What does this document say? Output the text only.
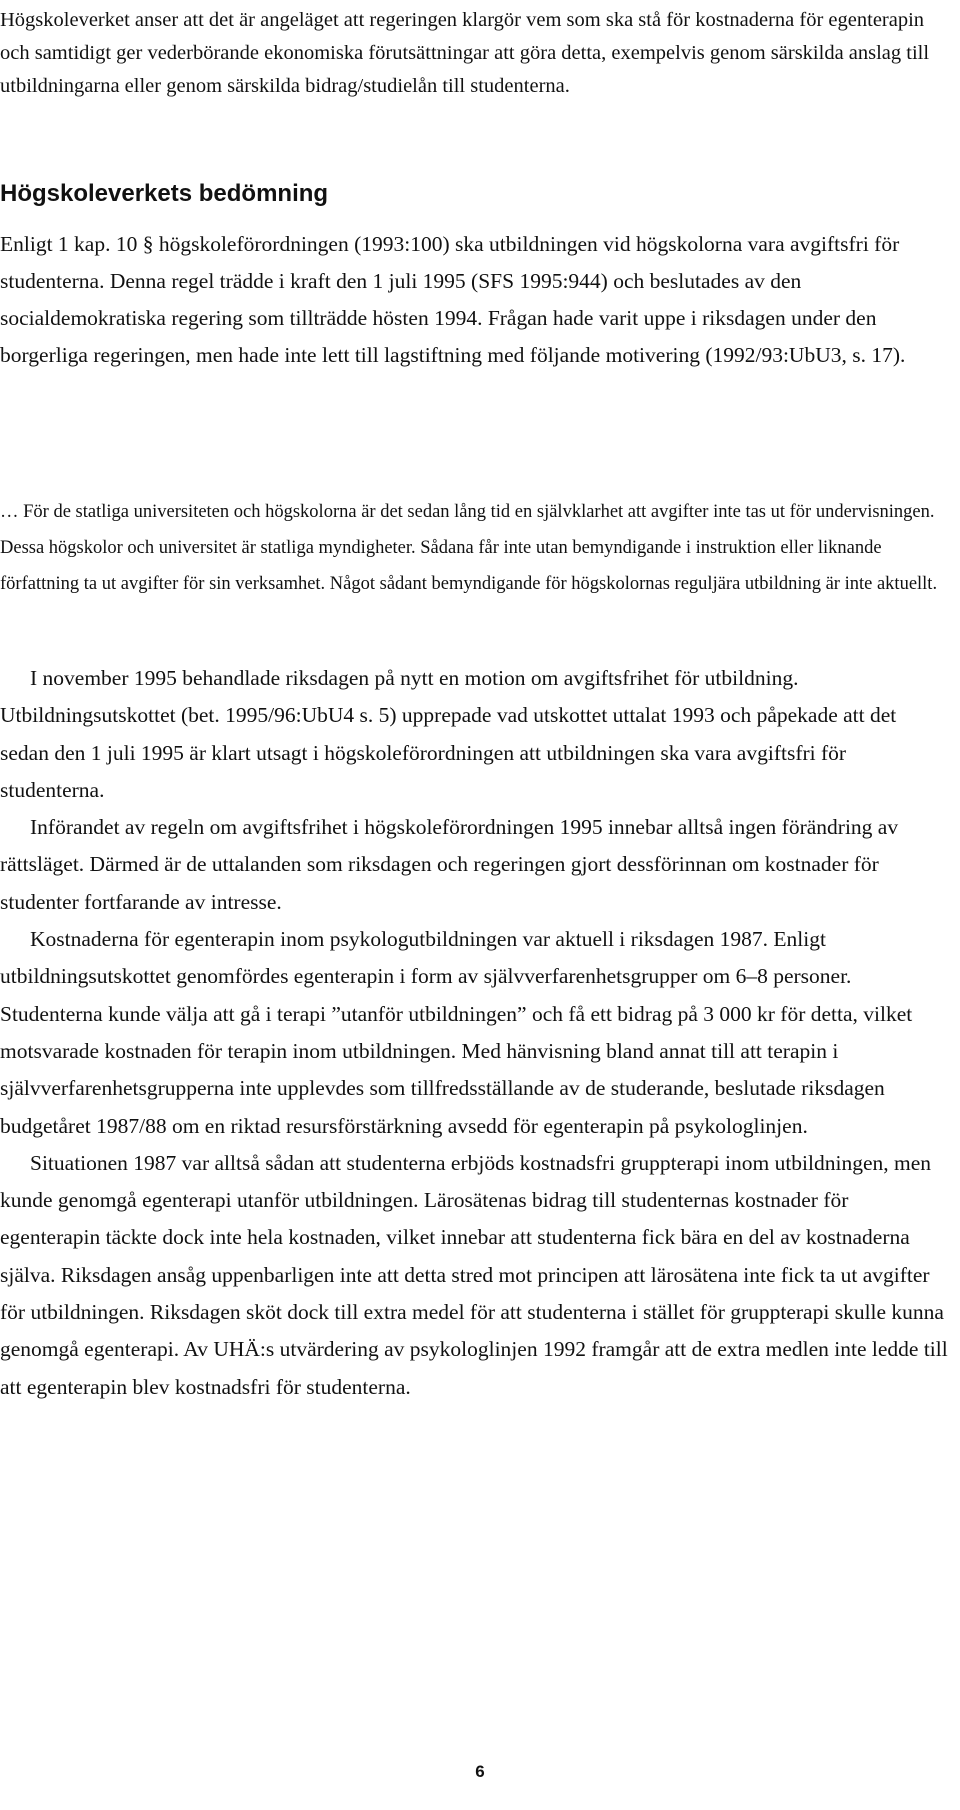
Högskoleverket anser att det är angeläget att regeringen klargör vem som ska stå för kostnaderna för egenterapin och samtidigt ger vederbörande ekonomiska förutsättningar att göra detta, exempelvis genom särskilda anslag till utbildningarna eller genom särskilda bidrag/studielån till studenterna.

Högskoleverkets bedömning

Enligt 1 kap. 10 § högskoleförordningen (1993:100) ska utbildningen vid högskolorna vara avgiftsfri för studenterna. Denna regel trädde i kraft den 1 juli 1995 (SFS 1995:944) och beslutades av den socialdemokratiska regering som tillträdde hösten 1994. Frågan hade varit uppe i riksdagen under den borgerliga regeringen, men hade inte lett till lagstiftning med följande motivering (1992/93:UbU3, s. 17).

… För de statliga universiteten och högskolorna är det sedan lång tid en självklarhet att avgifter inte tas ut för undervisningen. Dessa högskolor och universitet är statliga myndigheter. Sådana får inte utan bemyndigande i instruktion eller liknande författning ta ut avgifter för sin verksamhet. Något sådant bemyndigande för högskolornas reguljära utbildning är inte aktuellt.

I november 1995 behandlade riksdagen på nytt en motion om avgiftsfrihet för utbildning. Utbildningsutskottet (bet. 1995/96:UbU4 s. 5) upprepade vad utskottet uttalat 1993 och påpekade att det sedan den 1 juli 1995 är klart utsagt i högskoleförordningen att utbildningen ska vara avgiftsfri för studenterna.

Införandet av regeln om avgiftsfrihet i högskoleförordningen 1995 innebar alltså ingen förändring av rättsläget. Därmed är de uttalanden som riksdagen och regeringen gjort dessförinnan om kostnader för studenter fortfarande av intresse.

Kostnaderna för egenterapin inom psykologutbildningen var aktuell i riksdagen 1987. Enligt utbildningsutskottet genomfördes egenterapin i form av självverfarenhetsgrupper om 6–8 personer. Studenterna kunde välja att gå i terapi ”utanför utbildningen” och få ett bidrag på 3 000 kr för detta, vilket motsvarade kostnaden för terapin inom utbildningen. Med hänvisning bland annat till att terapin i självverfarenhetsgrupperna inte upplevdes som tillfredsställande av de studerande, beslutade riksdagen budgetåret 1987/88 om en riktad resursförstärkning avsedd för egenterapin på psykologlinjen.

Situationen 1987 var alltså sådan att studenterna erbjöds kostnadsfri gruppterapi inom utbildningen, men kunde genomgå egenterapi utanför utbildningen. Lärosätenas bidrag till studenternas kostnader för egenterapin täckte dock inte hela kostnaden, vilket innebar att studenterna fick bära en del av kostnaderna själva. Riksdagen ansåg uppenbarligen inte att detta stred mot principen att lärosätena inte fick ta ut avgifter för utbildningen. Riksdagen sköt dock till extra medel för att studenterna i stället för gruppterapi skulle kunna genomgå egenterapi. Av UHÄ:s utvärdering av psykologlinjen 1992 framgår att de extra medlen inte ledde till att egenterapin blev kostnadsfri för studenterna.

6
